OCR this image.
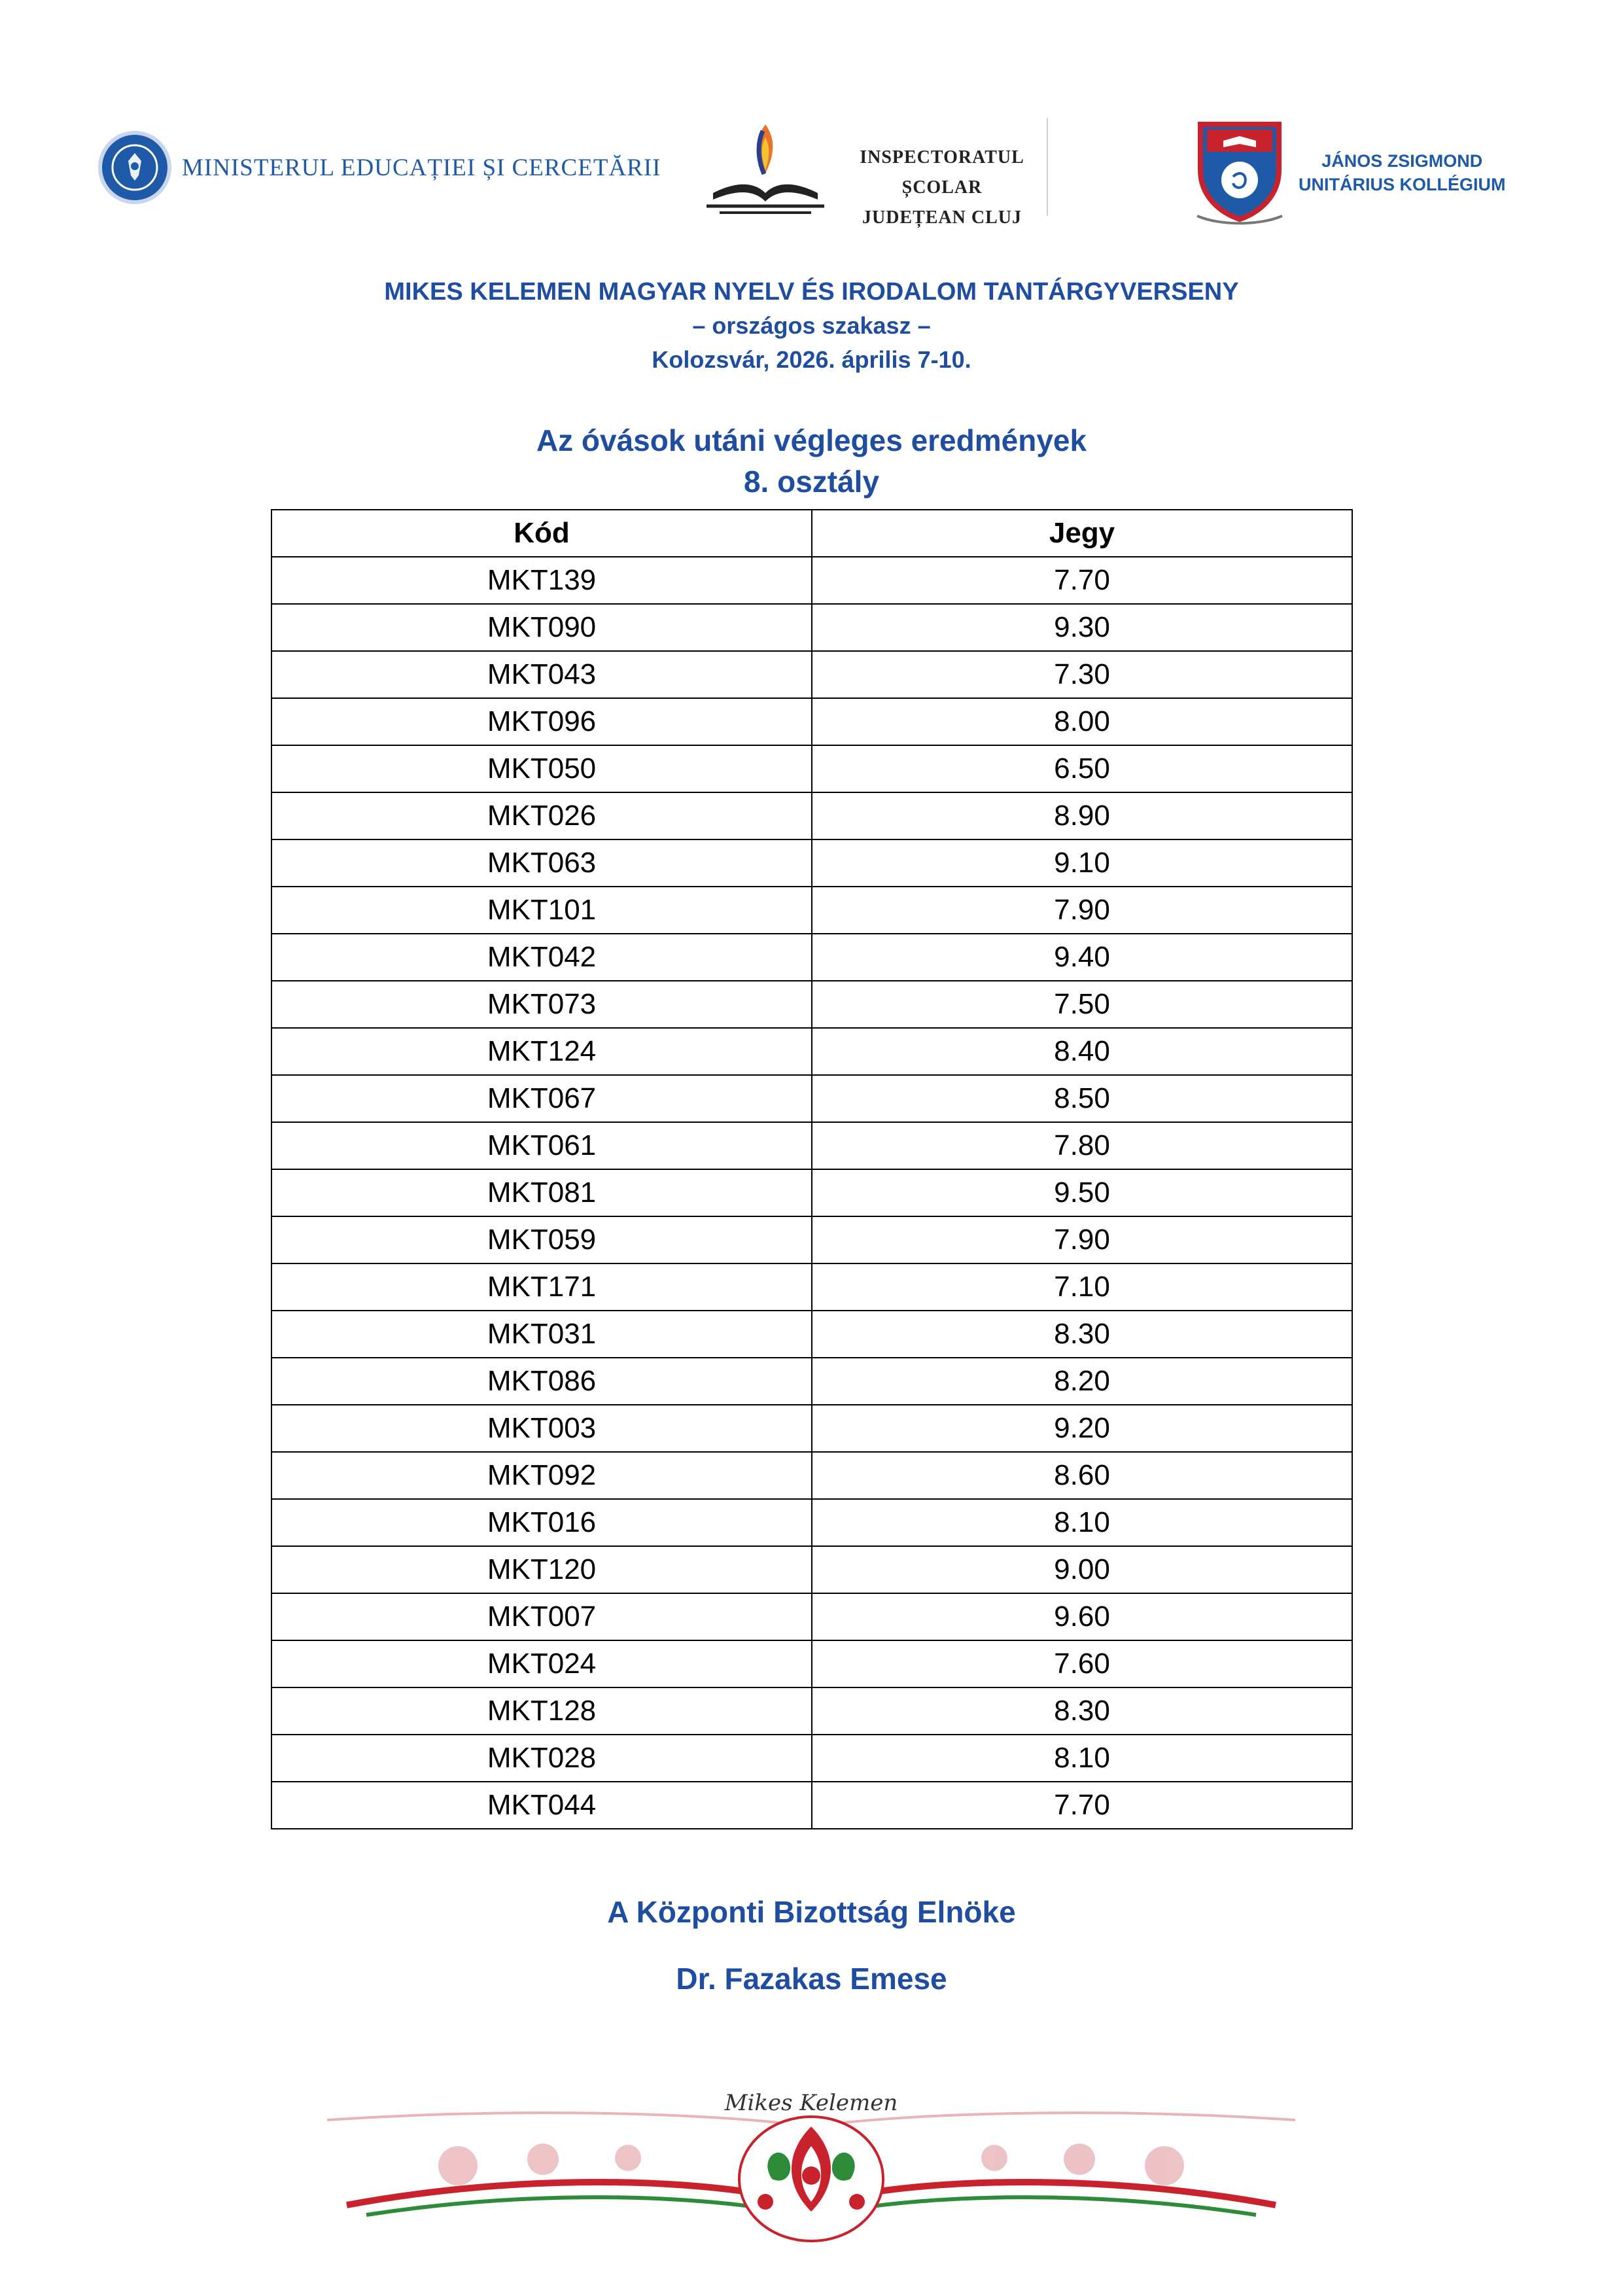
MINISTERUL EDUCAȚIEI ȘI CERCETĂRII	INSPECTORATUL ȘCOLAR
JUDEȚEAN CLUJ
JÁNOS ZSIGMOND
UNITÁRIUS KOLLÉGIUM
MIKES KELEMEN MAGYAR NYELV ÉS IRODALOM TANTÁRGYVERSENY
– országos szakasz –
Kolozsvár, 2026. április 7-10.
Az óvások utáni végleges eredmények
8. osztály
Kód	Jegy
MKT139	7.70
MKT090	9.30
MKT043	7.30
MKT096	8.00
MKT050	6.50
MKT026	8.90
MKT063	9.10
MKT101	7.90
MKT042	9.40
MKT073	7.50
MKT124	8.40
MKT067	8.50
MKT061	7.80
MKT081	9.50
MKT059	7.90
MKT171	7.10
MKT031	8.30
MKT086	8.20
MKT003	9.20
MKT092	8.60
MKT016	8.10
MKT120	9.00
MKT007	9.60
MKT024	7.60
MKT128	8.30
MKT028	8.10
MKT044	7.70
A Központi Bizottság Elnöke
Dr. Fazakas Emese
Mikes Kelemen
